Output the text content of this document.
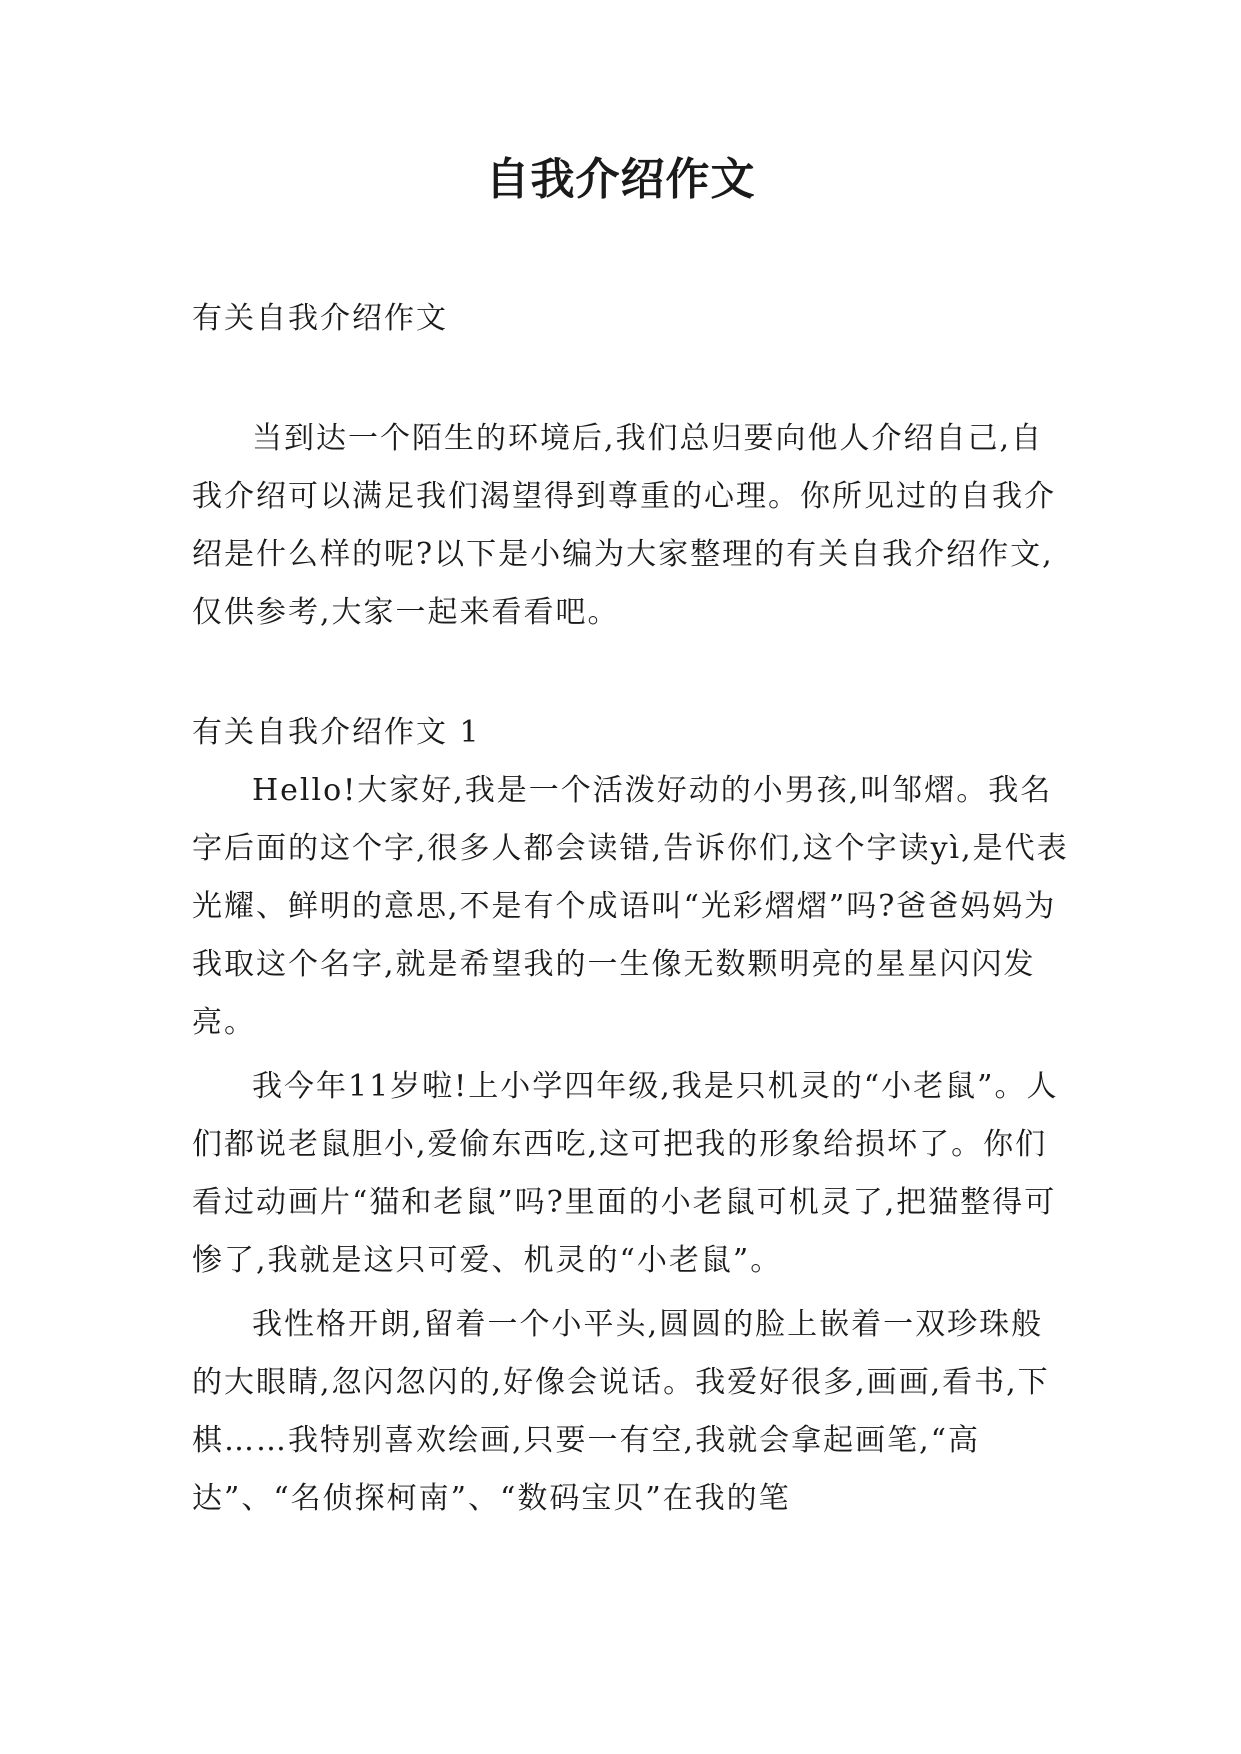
自我介绍作文

有关自我介绍作文

当到达一个陌生的环境后,我们总归要向他人介绍自己,自我介绍可以满足我们渴望得到尊重的心理。你所见过的自我介绍是什么样的呢?以下是小编为大家整理的有关自我介绍作文,仅供参考,大家一起来看看吧。

有关自我介绍作文 1

Hello!大家好,我是一个活泼好动的小男孩,叫邹熠。我名字后面的这个字,很多人都会读错,告诉你们,这个字读yì,是代表光耀、鲜明的意思,不是有个成语叫“光彩熠熠”吗?爸爸妈妈为我取这个名字,就是希望我的一生像无数颗明亮的星星闪闪发亮。

我今年11岁啦!上小学四年级,我是只机灵的“小老鼠”。人们都说老鼠胆小,爱偷东西吃,这可把我的形象给损坏了。你们看过动画片“猫和老鼠”吗?里面的小老鼠可机灵了,把猫整得可惨了,我就是这只可爱、机灵的“小老鼠”。

我性格开朗,留着一个小平头,圆圆的脸上嵌着一双珍珠般的大眼睛,忽闪忽闪的,好像会说话。我爱好很多,画画,看书,下棋……我特别喜欢绘画,只要一有空,我就会拿起画笔,“高达”、“名侦探柯南”、“数码宝贝”在我的笔
